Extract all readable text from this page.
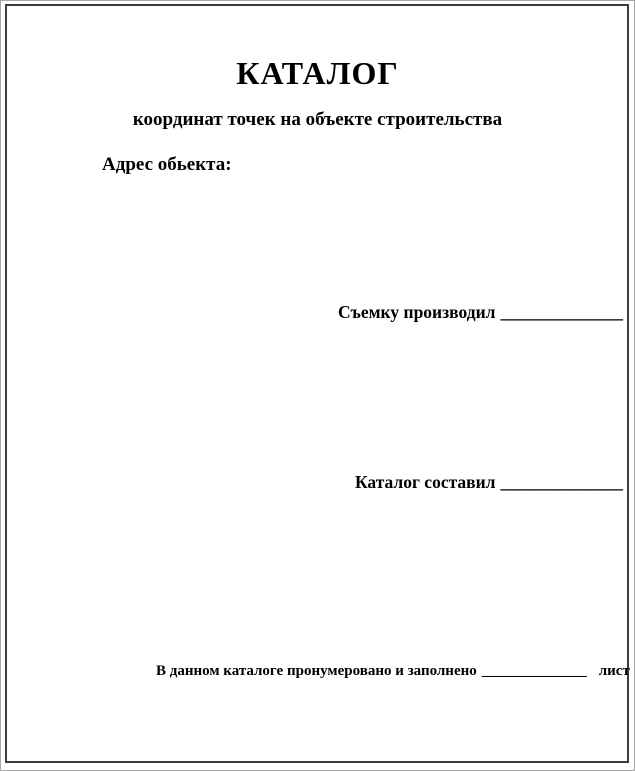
КАТАЛОГ
координат точек на объекте строительства
Адрес обьекта:
Съемку производил ______________
Каталог составил ______________
В данном каталоге пронумеровано и заполнено ______________ лист
